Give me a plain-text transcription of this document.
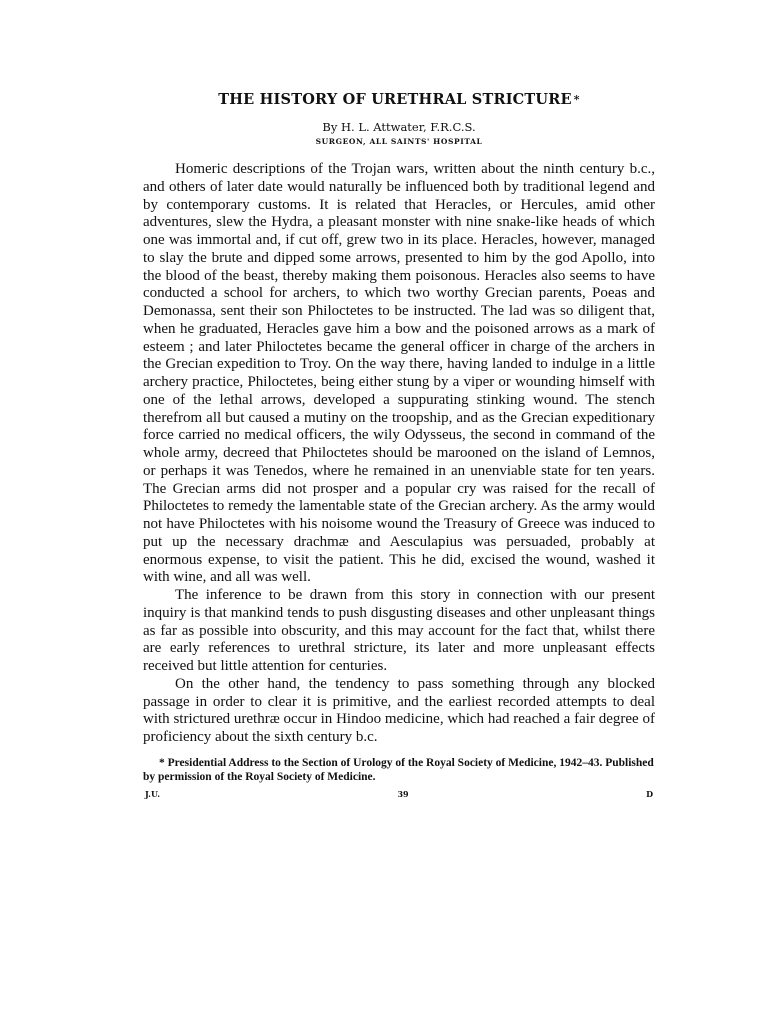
THE HISTORY OF URETHRAL STRICTURE *

By H. L. Attwater, F.R.C.S.

SURGEON, ALL SAINTS' HOSPITAL

Homeric descriptions of the Trojan wars, written about the ninth century b.c., and others of later date would naturally be influenced both by traditional legend and by contemporary customs. It is related that Heracles, or Hercules, amid other adventures, slew the Hydra, a pleasant monster with nine snake-like heads of which one was immortal and, if cut off, grew two in its place. Heracles, however, managed to slay the brute and dipped some arrows, presented to him by the god Apollo, into the blood of the beast, thereby making them poisonous. Heracles also seems to have conducted a school for archers, to which two worthy Grecian parents, Poeas and Demonassa, sent their son Philoctetes to be instructed. The lad was so diligent that, when he graduated, Heracles gave him a bow and the poisoned arrows as a mark of esteem ; and later Philoctetes became the general officer in charge of the archers in the Grecian expedition to Troy. On the way there, having landed to indulge in a little archery practice, Philoctetes, being either stung by a viper or wounding himself with one of the lethal arrows, developed a suppurating stinking wound. The stench therefrom all but caused a mutiny on the troopship, and as the Grecian expeditionary force carried no medical officers, the wily Odysseus, the second in command of the whole army, decreed that Philoctetes should be marooned on the island of Lemnos, or perhaps it was Tenedos, where he remained in an unenviable state for ten years. The Grecian arms did not prosper and a popular cry was raised for the recall of Philoctetes to remedy the lamentable state of the Grecian archery. As the army would not have Philoctetes with his noisome wound the Treasury of Greece was induced to put up the necessary drachmæ and Aesculapius was persuaded, probably at enormous expense, to visit the patient. This he did, excised the wound, washed it with wine, and all was well.

The inference to be drawn from this story in connection with our present inquiry is that mankind tends to push disgusting diseases and other unpleasant things as far as possible into obscurity, and this may account for the fact that, whilst there are early references to urethral stricture, its later and more unpleasant effects received but little attention for centuries.

On the other hand, the tendency to pass something through any blocked passage in order to clear it is primitive, and the earliest recorded attempts to deal with strictured urethræ occur in Hindoo medicine, which had reached a fair degree of proficiency about the sixth century b.c.

* Presidential Address to the Section of Urology of the Royal Society of Medicine, 1942–43. Published by permission of the Royal Society of Medicine.

J.U.	39	D
